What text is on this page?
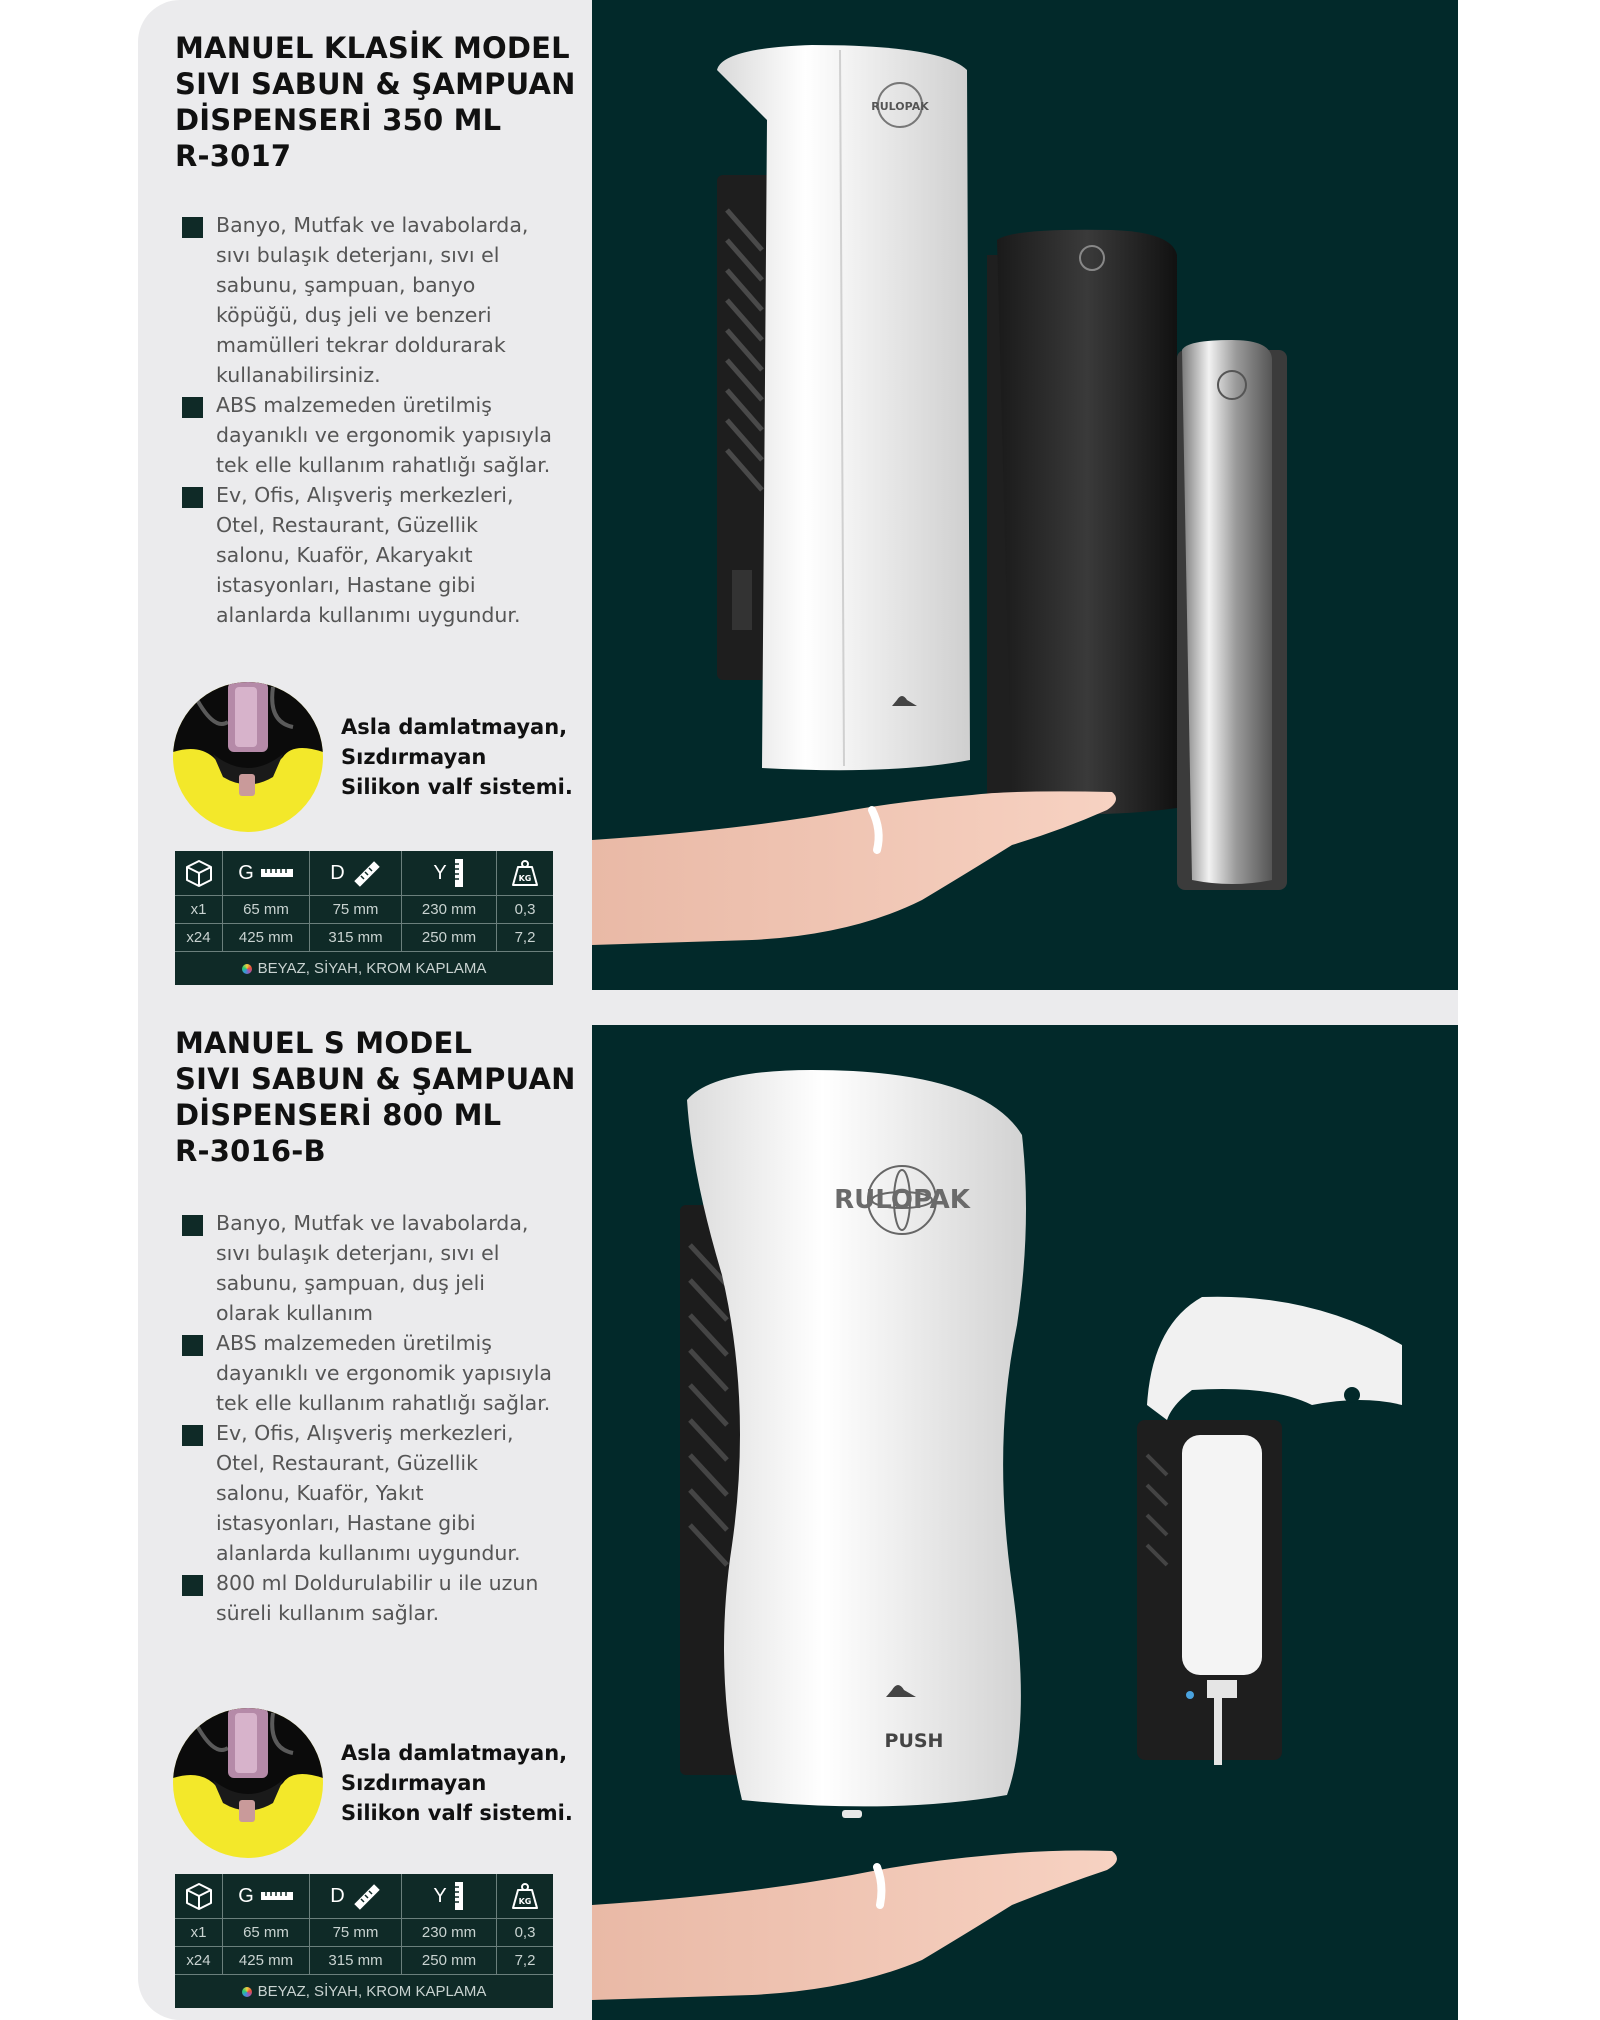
MANUEL KLASİK MODEL
SIVI SABUN & ŞAMPUAN
DİSPENSERİ 350 ML
R-3017
Banyo, Mutfak ve lavabolarda, sıvı bulaşık deterjanı, sıvı el sabunu, şampuan, banyo köpüğü, duş jeli ve benzeri mamülleri tekrar doldurarak kullanabilirsiniz.
ABS malzemeden üretilmiş dayanıklı ve ergonomik yapısıyla tek elle kullanım rahatlığı sağlar.
Ev, Ofis, Alışveriş merkezleri, Otel, Restaurant, Güzellik salonu, Kuaför, Akaryakıt istasyonları, Hastane gibi alanlarda kullanımı uygundur.
Asla damlatmayan,
Sızdırmayan
Silikon valf sistemi.
G	D	Y	KG
x1	65 mm	75 mm	230 mm	0,3
x24	425 mm	315 mm	250 mm	7,2
BEYAZ, SİYAH, KROM KAPLAMA
RULOPAK
MANUEL S MODEL
SIVI SABUN & ŞAMPUAN
DİSPENSERİ 800 ML
R-3016-B
Banyo, Mutfak ve lavabolarda, sıvı bulaşık deterjanı, sıvı el sabunu, şampuan, duş jeli olarak kullanım
ABS malzemeden üretilmiş dayanıklı ve ergonomik yapısıyla tek elle kullanım rahatlığı sağlar.
Ev, Ofis, Alışveriş merkezleri, Otel, Restaurant, Güzellik salonu, Kuaför, Yakıt istasyonları, Hastane gibi alanlarda kullanımı uygundur.
800 ml Doldurulabilir u ile uzun süreli kullanım sağlar.
Asla damlatmayan,
Sızdırmayan
Silikon valf sistemi.
G	D	Y	KG
x1	65 mm	75 mm	230 mm	0,3
x24	425 mm	315 mm	250 mm	7,2
BEYAZ, SİYAH, KROM KAPLAMA
RULOPAK
PUSH
